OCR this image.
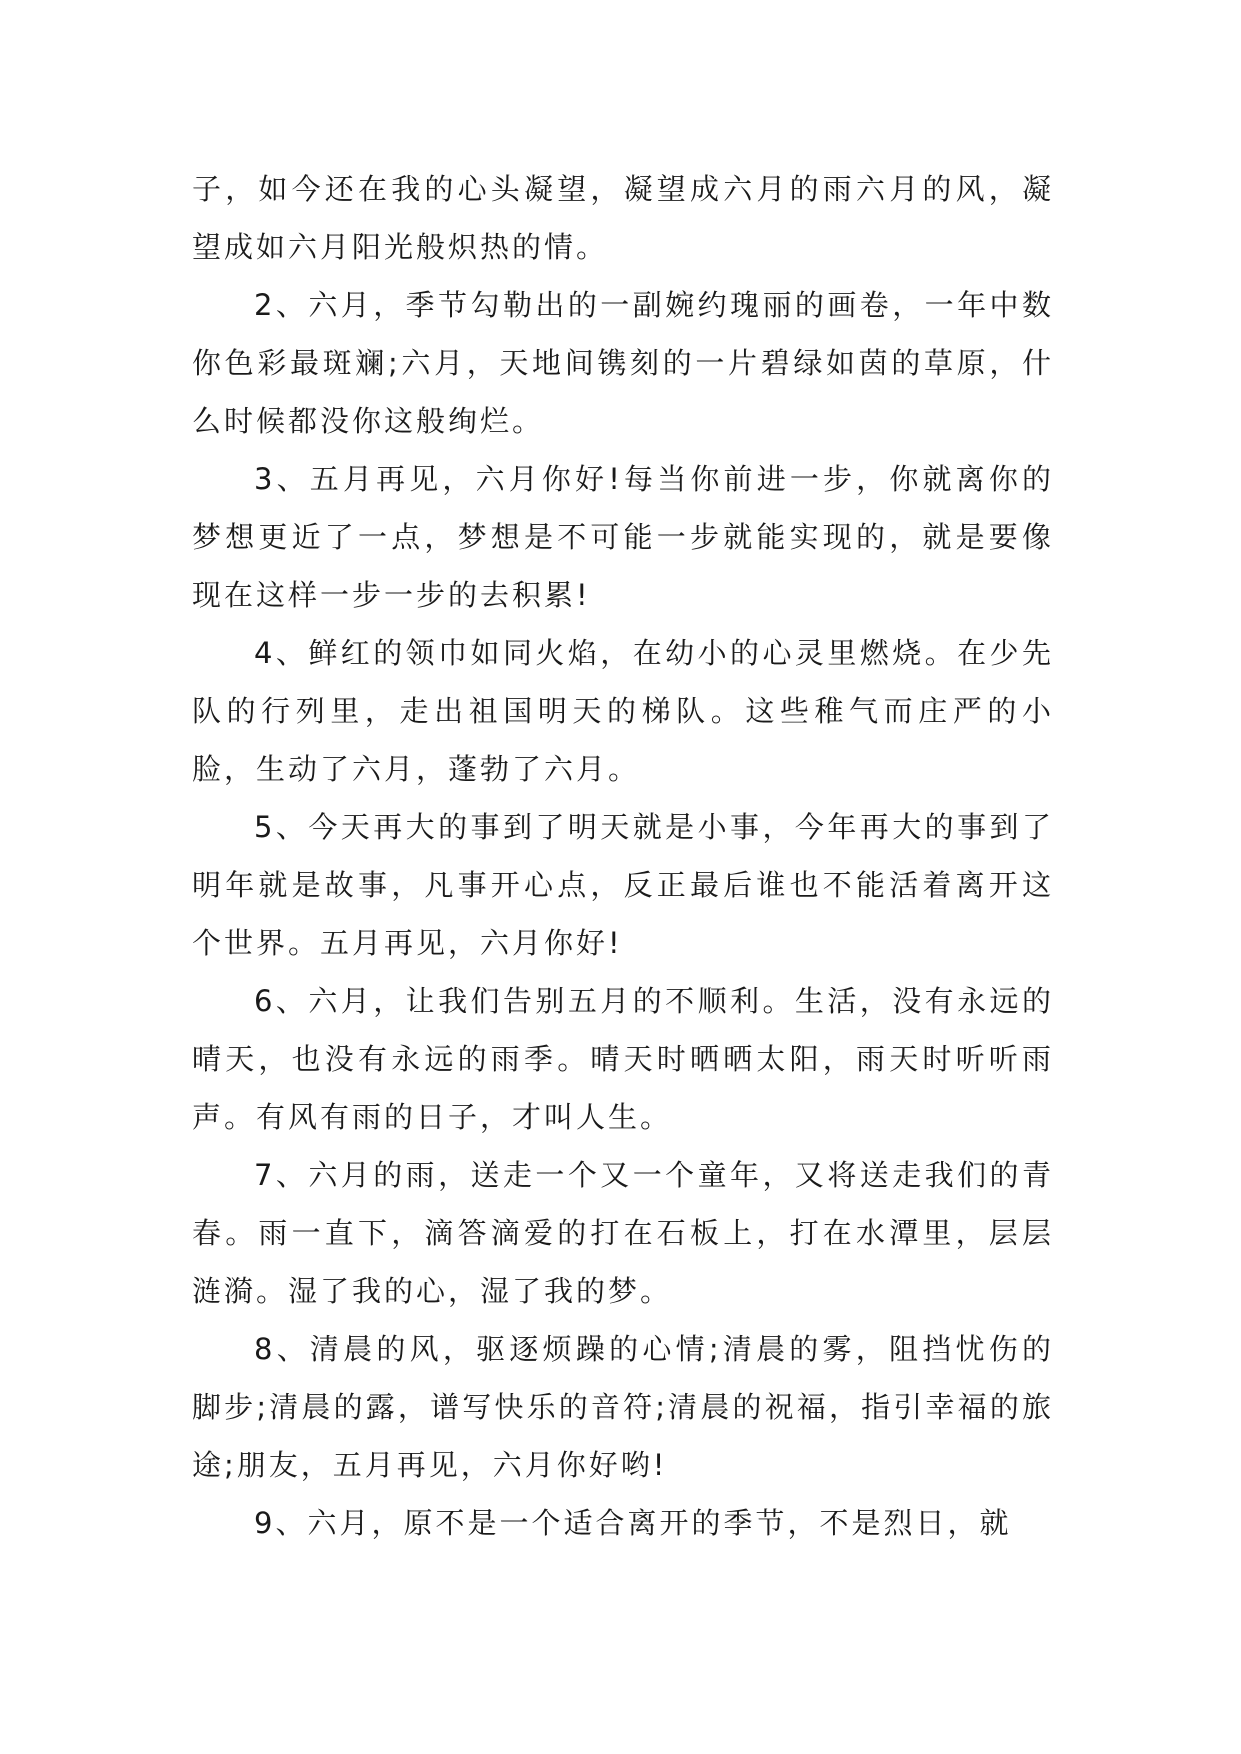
子，如今还在我的心头凝望，凝望成六月的雨六月的风，凝望成如六月阳光般炽热的情。

2、六月，季节勾勒出的一副婉约瑰丽的画卷，一年中数你色彩最斑斓;六月，天地间镌刻的一片碧绿如茵的草原，什么时候都没你这般绚烂。

3、五月再见，六月你好!每当你前进一步，你就离你的梦想更近了一点，梦想是不可能一步就能实现的，就是要像现在这样一步一步的去积累!

4、鲜红的领巾如同火焰，在幼小的心灵里燃烧。在少先队的行列里，走出祖国明天的梯队。这些稚气而庄严的小脸，生动了六月，蓬勃了六月。

5、今天再大的事到了明天就是小事，今年再大的事到了明年就是故事，凡事开心点，反正最后谁也不能活着离开这个世界。五月再见，六月你好!

6、六月，让我们告别五月的不顺利。生活，没有永远的晴天，也没有永远的雨季。晴天时晒晒太阳，雨天时听听雨声。有风有雨的日子，才叫人生。

7、六月的雨，送走一个又一个童年，又将送走我们的青春。雨一直下，滴答滴爱的打在石板上，打在水潭里，层层涟漪。湿了我的心，湿了我的梦。

8、清晨的风，驱逐烦躁的心情;清晨的雾，阻挡忧伤的脚步;清晨的露，谱写快乐的音符;清晨的祝福，指引幸福的旅途;朋友，五月再见，六月你好哟!

9、六月，原不是一个适合离开的季节，不是烈日，就
